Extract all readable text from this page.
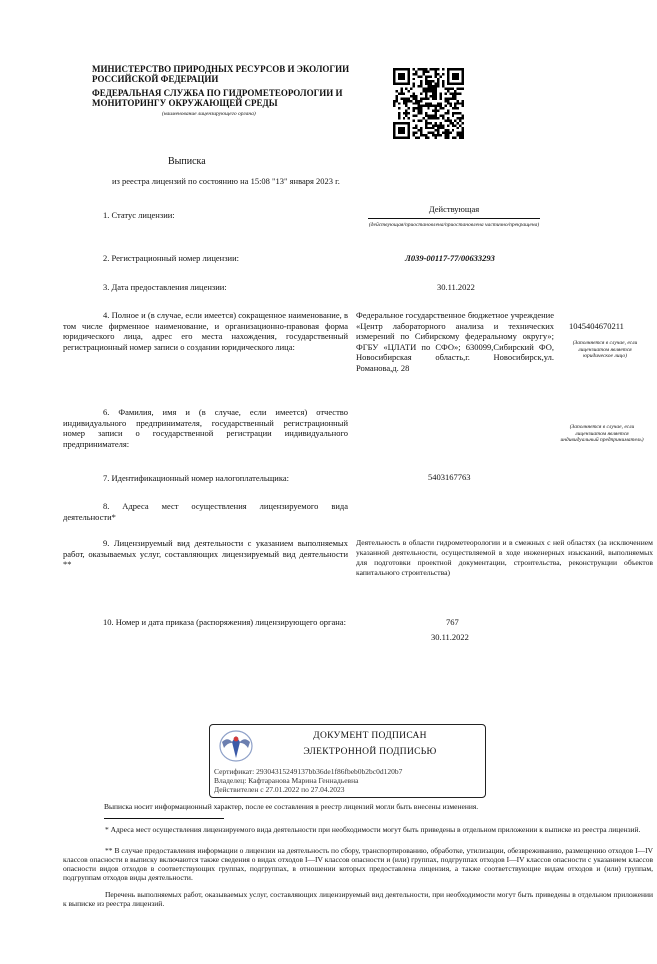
МИНИСТЕРСТВО ПРИРОДНЫХ РЕСУРСОВ И ЭКОЛОГИИ РОССИЙСКОЙ ФЕДЕРАЦИИ
ФЕДЕРАЛЬНАЯ СЛУЖБА ПО ГИДРОМЕТЕОРОЛОГИИ И МОНИТОРИНГУ ОКРУЖАЮЩЕЙ СРЕДЫ
(наименование лицензирующего органа)
Выписка
из реестра лицензий по состоянию на 15:08 "13" января 2023 г.
1. Статус лицензии:
Действующая
(действующая/приостановлена/приостановлена частично/прекращена)
2. Регистрационный номер лицензии:	Л039-00117-77/00633293
3. Дата предоставления лицензии:	30.11.2022
4. Полное и (в случае, если имеется) сокращенное наименование, в том числе фирменное наименование, и организационно-правовая форма юридического лица, адрес его места нахождения, государственный регистрационный номер записи о создании юридического лица:
Федеральное государственное бюджетное учреждение «Центр лабораторного анализа и технических измерений по Сибирскому федеральному округу»; ФГБУ «ЦЛАТИ по СФО»; 630099,Сибирский ФО, Новосибирская область,г. Новосибирск,ул. Романова,д. 28
1045404670211
(Заполняется в случае, если лицензиатом является юридическое лицо)
6. Фамилия, имя и (в случае, если имеется) отчество индивидуального предпринимателя, государственный регистрационный номер записи о государственной регистрации индивидуального предпринимателя:
(Заполняется в случае, если лицензиатом является индивидуальный предприниматель)
7. Идентификационный номер налогоплательщика:	5403167763
8. Адреса мест осуществления лицензируемого вида деятельности*
9. Лицензируемый вид деятельности с указанием выполняемых работ, оказываемых услуг, составляющих лицензируемый вид деятельности **
Деятельность в области гидрометеорологии и в смежных с ней областях (за исключением указанной деятельности, осуществляемой в ходе инженерных изысканий, выполняемых для подготовки проектной документации, строительства, реконструкции объектов капитального строительства)
10. Номер и дата приказа (распоряжения) лицензирующего органа:	767
30.11.2022
ДОКУМЕНТ ПОДПИСАН
ЭЛЕКТРОННОЙ ПОДПИСЬЮ
Сертификат: 29304315249137bb36de1f86fbeb0b2bc0d120b7
Владелец: Кафтаранова Марина Геннадьевна
Действителен с 27.01.2022 по 27.04.2023
Выписка носит информационный характер, после ее составления в реестр лицензий могли быть внесены изменения.
* Адреса мест осуществления лицензируемого вида деятельности при необходимости могут быть приведены в отдельном приложении к выписке из реестра лицензий.
** В случае предоставления информации о лицензии на деятельность по сбору, транспортированию, обработке, утилизации, обезвреживанию, размещению отходов I—IV классов опасности в выписку включаются также сведения о видах отходов I—IV классов опасности и (или) группах, подгруппах отходов I—IV классов опасности с указанием классов опасности видов отходов в соответствующих группах, подгруппах, в отношении которых предоставлена лицензия, а также соответствующие видам отходов и (или) группам, подгруппам отходов виды деятельности.
Перечень выполняемых работ, оказываемых услуг, составляющих лицензируемый вид деятельности, при необходимости могут быть приведены в отдельном приложении к выписке из реестра лицензий.
